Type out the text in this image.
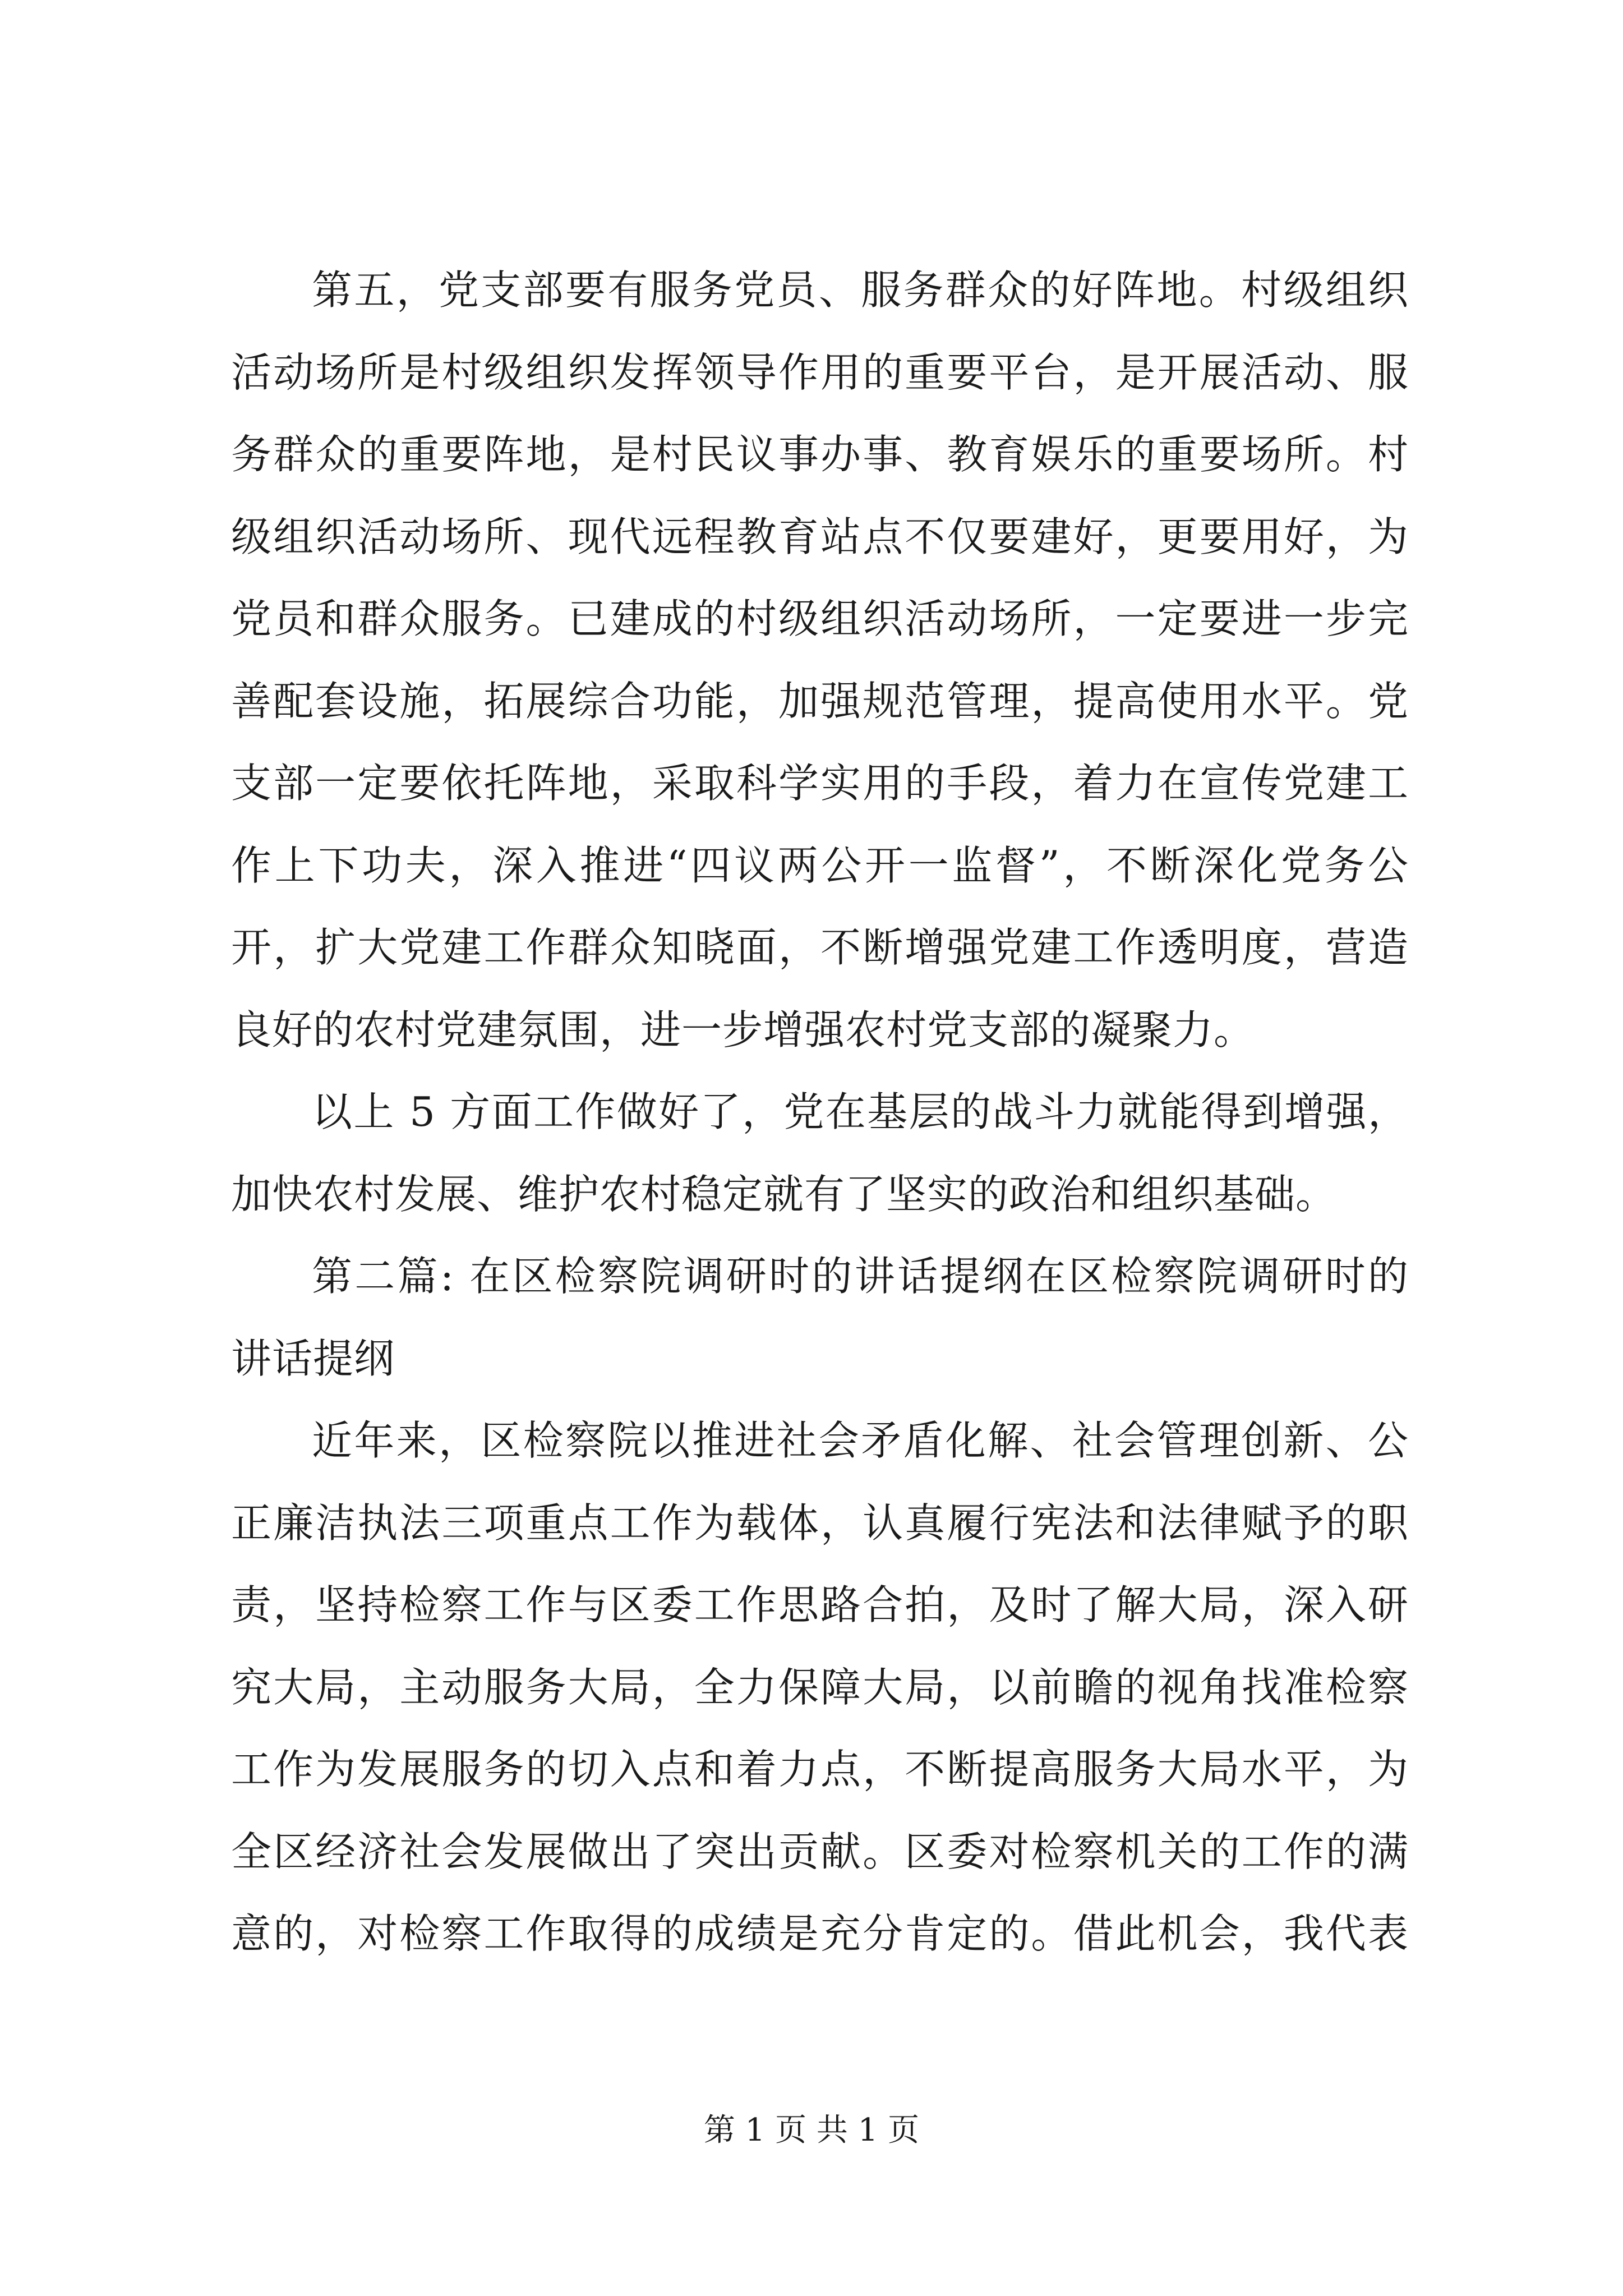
第五，党支部要有服务党员、服务群众的好阵地。村级组织
活动场所是村级组织发挥领导作用的重要平台，是开展活动、服
务群众的重要阵地，是村民议事办事、教育娱乐的重要场所。村
级组织活动场所、现代远程教育站点不仅要建好，更要用好，为
党员和群众服务。已建成的村级组织活动场所，一定要进一步完
善配套设施，拓展综合功能，加强规范管理，提高使用水平。党
支部一定要依托阵地，采取科学实用的手段，着力在宣传党建工
作上下功夫，深入推进“四议两公开一监督”，不断深化党务公
开，扩大党建工作群众知晓面，不断增强党建工作透明度，营造
良好的农村党建氛围，进一步增强农村党支部的凝聚力。
以上 5 方面工作做好了，党在基层的战斗力就能得到增强，
加快农村发展、维护农村稳定就有了坚实的政治和组织基础。
第二篇: 在区检察院调研时的讲话提纲在区检察院调研时的
讲话提纲
近年来，区检察院以推进社会矛盾化解、社会管理创新、公
正廉洁执法三项重点工作为载体，认真履行宪法和法律赋予的职
责，坚持检察工作与区委工作思路合拍，及时了解大局，深入研
究大局，主动服务大局，全力保障大局，以前瞻的视角找准检察
工作为发展服务的切入点和着力点，不断提高服务大局水平，为
全区经济社会发展做出了突出贡献。区委对检察机关的工作的满
意的，对检察工作取得的成绩是充分肯定的。借此机会，我代表
第 1 页 共 1 页
